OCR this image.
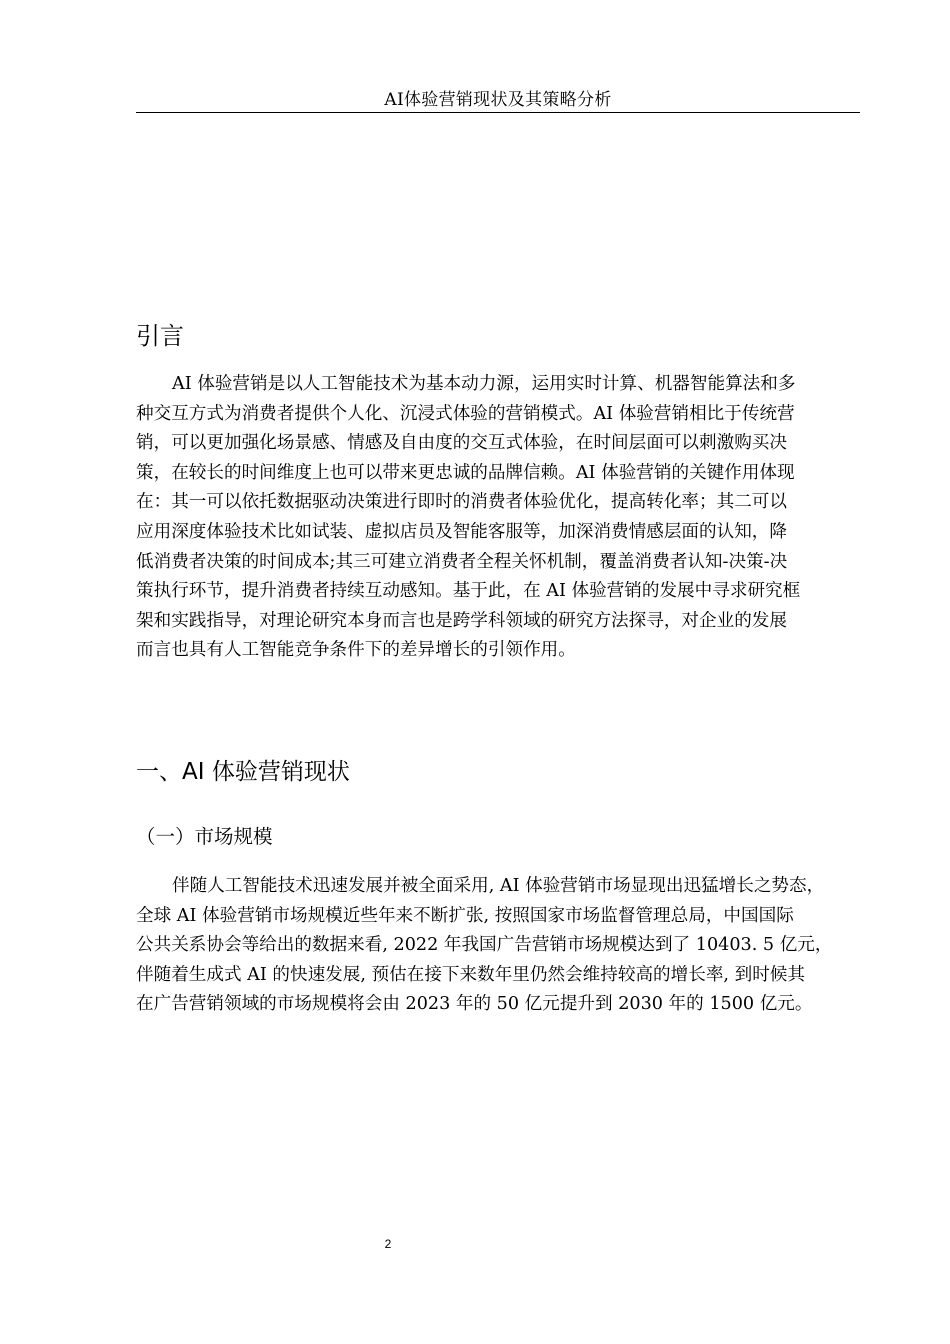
AI体验营销现状及其策略分析
引言

AI 体验营销是以人工智能技术为基本动力源，运用实时计算、机器智能算法和多
种交互方式为消费者提供个人化、沉浸式体验的营销模式。AI 体验营销相比于传统营
销，可以更加强化场景感、情感及自由度的交互式体验，在时间层面可以刺激购买决
策，在较长的时间维度上也可以带来更忠诚的品牌信赖。AI 体验营销的关键作用体现
在：其一可以依托数据驱动决策进行即时的消费者体验优化，提高转化率；其二可以
应用深度体验技术比如试装、虚拟店员及智能客服等，加深消费情感层面的认知，降
低消费者决策的时间成本;其三可建立消费者全程关怀机制，覆盖消费者认知-决策-决
策执行环节，提升消费者持续互动感知。基于此，在 AI 体验营销的发展中寻求研究框
架和实践指导，对理论研究本身而言也是跨学科领域的研究方法探寻，对企业的发展
而言也具有人工智能竞争条件下的差异增长的引领作用。

一、AI 体验营销现状
（一）市场规模

伴随人工智能技术迅速发展并被全面采用, AI 体验营销市场显现出迅猛增长之势态，
全球 AI 体验营销市场规模近些年来不断扩张, 按照国家市场监督管理总局，中国国际
公共关系协会等给出的数据来看, 2022 年我国广告营销市场规模达到了 10403. 5 亿元，
伴随着生成式 AI 的快速发展, 预估在接下来数年里仍然会维持较高的增长率, 到时候其
在广告营销领域的市场规模将会由 2023 年的 50 亿元提升到 2030 年的 1500 亿元。

2
